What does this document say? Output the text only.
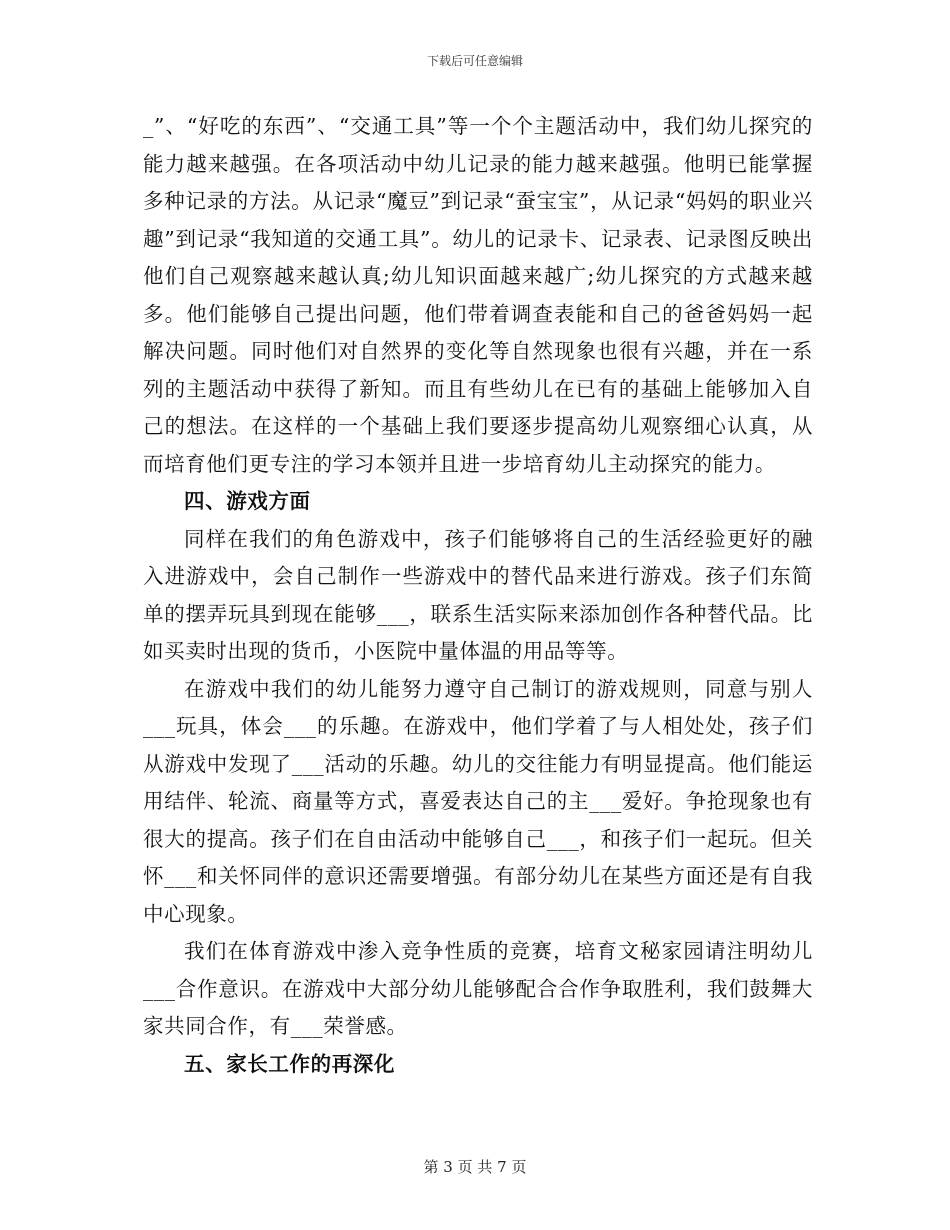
下载后可任意编辑

_”、“好吃的东西”、“交通工具”等一个个主题活动中，我们幼儿探究的能力越来越强。在各项活动中幼儿记录的能力越来越强。他明已能掌握多种记录的方法。从记录“魔豆”到记录“蚕宝宝”，从记录“妈妈的职业兴趣”到记录“我知道的交通工具”。幼儿的记录卡、记录表、记录图反映出他们自己观察越来越认真;幼儿知识面越来越广;幼儿探究的方式越来越多。他们能够自己提出问题，他们带着调查表能和自己的爸爸妈妈一起解决问题。同时他们对自然界的变化等自然现象也很有兴趣，并在一系列的主题活动中获得了新知。而且有些幼儿在已有的基础上能够加入自己的想法。在这样的一个基础上我们要逐步提高幼儿观察细心认真，从而培育他们更专注的学习本领并且进一步培育幼儿主动探究的能力。

四、游戏方面

同样在我们的角色游戏中，孩子们能够将自己的生活经验更好的融入进游戏中，会自己制作一些游戏中的替代品来进行游戏。孩子们东简单的摆弄玩具到现在能够___，联系生活实际来添加创作各种替代品。比如买卖时出现的货币，小医院中量体温的用品等等。

在游戏中我们的幼儿能努力遵守自己制订的游戏规则，同意与别人___玩具，体会___的乐趣。在游戏中，他们学着了与人相处处，孩子们从游戏中发现了___活动的乐趣。幼儿的交往能力有明显提高。他们能运用结伴、轮流、商量等方式，喜爱表达自己的主___爱好。争抢现象也有很大的提高。孩子们在自由活动中能够自己___，和孩子们一起玩。但关怀___和关怀同伴的意识还需要增强。有部分幼儿在某些方面还是有自我中心现象。

我们在体育游戏中渗入竞争性质的竞赛，培育文秘家园请注明幼儿___合作意识。在游戏中大部分幼儿能够配合合作争取胜利，我们鼓舞大家共同合作，有___荣誉感。

五、家长工作的再深化

第 3 页 共 7 页
